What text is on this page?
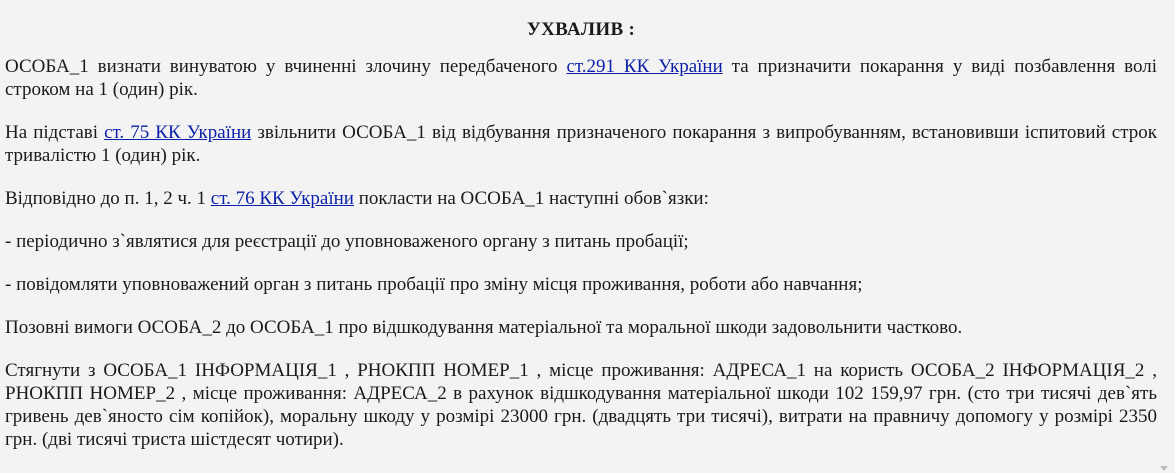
УХВАЛИВ :

ОСОБА_1 визнати винуватою у вчиненні злочину передбаченого ст.291 КК України та призначити покарання у виді позбавлення волі строком на 1 (один) рік.

На підставі ст. 75 КК України звільнити ОСОБА_1 від відбування призначеного покарання з випробуванням, встановивши іспитовий строк тривалістю 1 (один) рік.

Відповідно до п. 1, 2 ч. 1 ст. 76 КК України покласти на ОСОБА_1 наступні обов`язки:

- періодично з`являтися для реєстрації до уповноваженого органу з питань пробації;

- повідомляти уповноважений орган з питань пробації про зміну місця проживання, роботи або навчання;

Позовні вимоги ОСОБА_2 до ОСОБА_1 про відшкодування матеріальної та моральної шкоди задовольнити частково.

Стягнути з ОСОБА_1 ІНФОРМАЦІЯ_1 , РНОКПП НОМЕР_1 , місце проживання: АДРЕСА_1 на користь ОСОБА_2 ІНФОРМАЦІЯ_2 , РНОКПП НОМЕР_2 , місце проживання: АДРЕСА_2 в рахунок відшкодування матеріальної шкоди 102 159,97 грн. (сто три тисячі дев`ять гривень дев`яносто сім копійок), моральну шкоду у розмірі 23000 грн. (двадцять три тисячі), витрати на правничу допомогу у розмірі 2350 грн. (дві тисячі триста шістдесят чотири).
